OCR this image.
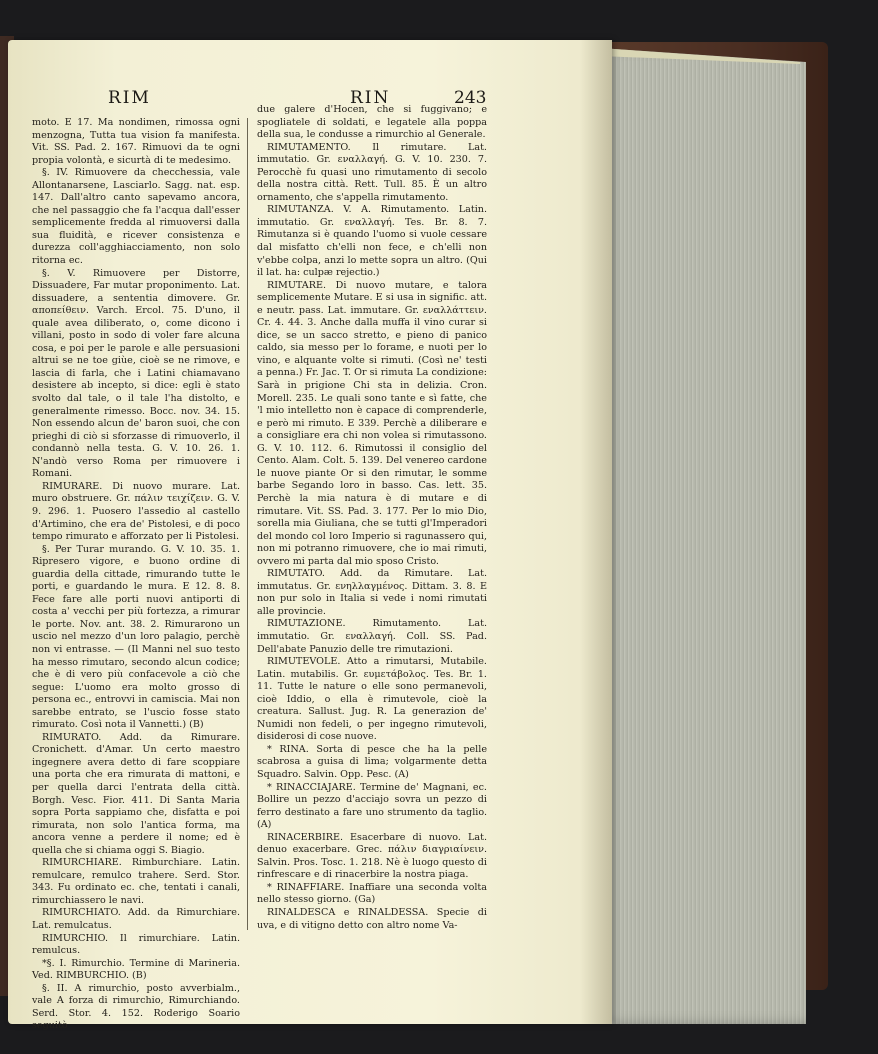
RIM	RIN	243

moto. E 17. Ma nondimen, rimossa ogni menzogna, Tutta tua vision fa manifesta. Vit. SS. Pad. 2. 167. Rimuovi da te ogni propia volontà, e sicurtà di te medesimo.

§. IV. Rimuovere da checchessia, vale Allontanarsene, Lasciarlo. Sagg. nat. esp. 147. Dall'altro canto sapevamo ancora, che nel passaggio che fa l'acqua dall'esser semplicemente fredda al rimuoversi dalla sua fluidità, e ricever consistenza e durezza coll'agghiacciamento, non solo ritorna ec.

§. V. Rimuovere per Distorre, Dissuadere, Far mutar proponimento. Lat. dissuadere, a sententia dimovere. Gr. αποπείθειν. Varch. Ercol. 75. D'uno, il quale avea diliberato, o, come dicono i villani, posto in sodo di voler fare alcuna cosa, e poi per le parole e alle persuasioni altrui se ne toe giùe, cioè se ne rimove, e lascia di farla, che i Latini chiamavano desistere ab incepto, si dice: egli è stato svolto dal tale, o il tale l'ha distolto, e generalmente rimesso. Bocc. nov. 34. 15. Non essendo alcun de' baron suoi, che con prieghi di ciò si sforzasse di rimuoverlo, il condannò nella testa. G. V. 10. 26. 1. N'andò verso Roma per rimuovere i Romani.

RIMURARE. Di nuovo murare. Lat. muro obstruere. Gr. πάλιν τειχίζειν. G. V. 9. 296. 1. Puosero l'assedio al castello d'Artimino, che era de' Pistolesi, e di poco tempo rimurato e afforzato per li Pistolesi.

§. Per Turar murando. G. V. 10. 35. 1. Ripresero vigore, e buono ordine di guardia della cittade, rimurando tutte le porti, e guardando le mura. E 12. 8. 8. Fece fare alle porti nuovi antiporti di costa a' vecchi per più fortezza, a rimurar le porte. Nov. ant. 38. 2. Rimurarono un uscio nel mezzo d'un loro palagio, perchè non vi entrasse. — (Il Manni nel suo testo ha messo rimutaro, secondo alcun codice; che è di vero più confacevole a ciò che segue: L'uomo era molto grosso di persona ec., entrovvi in camiscia. Mai non sarebbe entrato, se l'uscio fosse stato rimurato. Così nota il Vannetti.) (B)

RIMURATO. Add. da Rimurare. Cronichett. d'Amar. Un certo maestro ingegnere avera detto di fare scoppiare una porta che era rimurata di mattoni, e per quella darci l'entrata della città. Borgh. Vesc. Fior. 411. Di Santa Maria sopra Porta sappiamo che, disfatta e poi rimurata, non solo l'antica forma, ma ancora venne a perdere il nome; ed è quella che si chiama oggi S. Biagio.

RIMURCHIARE. Rimburchiare. Latin. remulcare, remulco trahere. Serd. Stor. 343. Fu ordinato ec. che, tentati i canali, rimurchiassero le navi.

RIMURCHIATO. Add. da Rimurchiare. Lat. remulcatus.

RIMURCHIO. Il rimurchiare. Latin. remulcus.

*§. I. Rimurchio. Termine di Marineria. Ved. RIMBURCHIO. (B)

§. II. A rimurchio, posto avverbialm., vale A forza di rimurchio, Rimurchiando. Serd. Stor. 4. 152. Roderigo Soario seguitò

due galere d'Hocen, che si fuggivano; e spogliatele di soldati, e legatele alla poppa della sua, le condusse a rimurchio al Generale.

RIMUTAMENTO. Il rimutare. Lat. immutatio. Gr. εναλλαγή. G. V. 10. 230. 7. Perocchè fu quasi uno rimutamento di secolo della nostra città. Rett. Tull. 85. È un altro ornamento, che s'appella rimutamento.

RIMUTANZA. V. A. Rimutamento. Latin. immutatio. Gr. εναλλαγή. Tes. Br. 8. 7. Rimutanza si è quando l'uomo si vuole cessare dal misfatto ch'elli non fece, e ch'elli non v'ebbe colpa, anzi lo mette sopra un altro. (Qui il lat. ha: culpæ rejectio.)

RIMUTARE. Di nuovo mutare, e talora semplicemente Mutare. E si usa in signific. att. e neutr. pass. Lat. immutare. Gr. εναλλάττειν. Cr. 4. 44. 3. Anche dalla muffa il vino curar si dice, se un sacco stretto, e pieno di panico caldo, sia messo per lo forame, e nuoti per lo vino, e alquante volte si rimuti. (Così ne' testi a penna.) Fr. Jac. T. Or si rimuta La condizione: Sarà in prigione Chi sta in delizia. Cron. Morell. 235. Le quali sono tante e sì fatte, che 'l mio intelletto non è capace di comprenderle, e però mi rimuto. E 339. Perchè a diliberare e a consigliare era chi non volea si rimutassono. G. V. 10. 112. 6. Rimutossi il consiglio del Cento. Alam. Colt. 5. 139. Del venereo cardone le nuove piante Or si den rimutar, le somme barbe Segando loro in basso. Cas. lett. 35. Perchè la mia natura è di mutare e di rimutare. Vit. SS. Pad. 3. 177. Per lo mio Dio, sorella mia Giuliana, che se tutti gl'Imperadori del mondo col loro Imperio si ragunassero qui, non mi potranno rimuovere, che io mai rimuti, ovvero mi parta dal mio sposo Cristo.

RIMUTATO. Add. da Rimutare. Lat. immutatus. Gr. ενηλλαγμένος. Dittam. 3. 8. E non pur solo in Italia si vede i nomi rimutati alle provincie.

RIMUTAZIONE. Rimutamento. Lat. immutatio. Gr. εναλλαγή. Coll. SS. Pad. Dell'abate Panuzio delle tre rimutazioni.

RIMUTEVOLE. Atto a rimutarsi, Mutabile. Latin. mutabilis. Gr. ευμετάβολος. Tes. Br. 1. 11. Tutte le nature o elle sono permanevoli, cioè Iddio, o ella è rimutevole, cioè la creatura. Sallust. Jug. R. La generazion de' Numidi non fedeli, o per ingegno rimutevoli, disiderosi di cose nuove.

* RINA. Sorta di pesce che ha la pelle scabrosa a guisa di lima; volgarmente detta Squadro. Salvin. Opp. Pesc. (A)

* RINACCIAJARE. Termine de' Magnani, ec. Bollire un pezzo d'acciajo sovra un pezzo di ferro destinato a fare uno strumento da taglio. (A)

RINACERBIRE. Esacerbare di nuovo. Lat. denuo exacerbare. Grec. πάλιν διαγριαίνειν. Salvin. Pros. Tosc. 1. 218. Nè è luogo questo di rinfrescare e di rinacerbire la nostra piaga.

* RINAFFIARE. Inaffiare una seconda volta nello stesso giorno. (Ga)

RINALDESCA e RINALDESSA. Specie di uva, e di vitigno detto con altro nome Va-
